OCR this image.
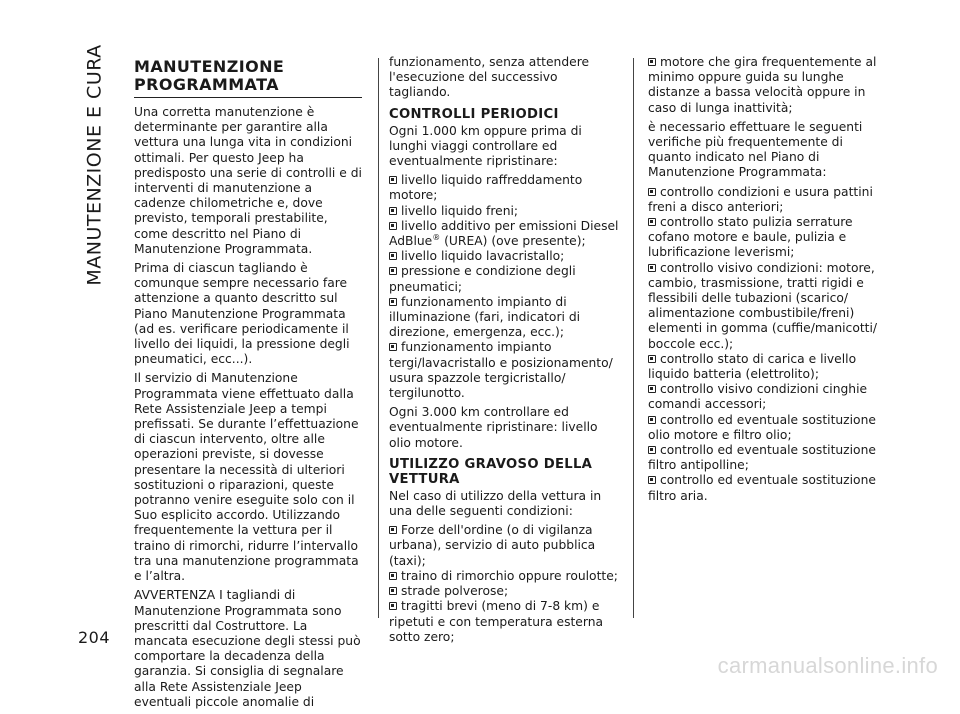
MANUTENZIONE E CURA
204
MANUTENZIONE PROGRAMMATA

Una corretta manutenzione è determinante per garantire alla vettura una lunga vita in condizioni ottimali. Per questo Jeep ha predisposto una serie di controlli e di interventi di manutenzione a cadenze chilometriche e, dove previsto, temporali prestabilite, come descritto nel Piano di Manutenzione Programmata.

Prima di ciascun tagliando è comunque sempre necessario fare attenzione a quanto descritto sul Piano Manutenzione Programmata (ad es. verificare periodicamente il livello dei liquidi, la pressione degli pneumatici, ecc...).

Il servizio di Manutenzione Programmata viene effettuato dalla Rete Assistenziale Jeep a tempi prefissati. Se durante l’effettuazione di ciascun intervento, oltre alle operazioni previste, si dovesse presentare la necessità di ulteriori sostituzioni o riparazioni, queste potranno venire eseguite solo con il Suo esplicito accordo. Utilizzando frequentemente la vettura per il traino di rimorchi, ridurre l’intervallo tra una manutenzione programmata e l’altra.

AVVERTENZA I tagliandi di Manutenzione Programmata sono prescritti dal Costruttore. La mancata esecuzione degli stessi può comportare la decadenza della garanzia. Si consiglia di segnalare alla Rete Assistenziale Jeep eventuali piccole anomalie di

funzionamento, senza attendere l'esecuzione del successivo tagliando.

CONTROLLI PERIODICI

Ogni 1.000 km oppure prima di lunghi viaggi controllare ed eventualmente ripristinare:

livello liquido raffreddamento motore;
livello liquido freni;
livello additivo per emissioni Diesel AdBlue® (UREA) (ove presente);
livello liquido lavacristallo;
pressione e condizione degli pneumatici;
funzionamento impianto di illuminazione (fari, indicatori di direzione, emergenza, ecc.);
funzionamento impianto tergi/lavacristallo e posizionamento/ usura spazzole tergicristallo/ tergilunotto.

Ogni 3.000 km controllare ed eventualmente ripristinare: livello olio motore.

UTILIZZO GRAVOSO DELLA VETTURA

Nel caso di utilizzo della vettura in una delle seguenti condizioni:

Forze dell'ordine (o di vigilanza urbana), servizio di auto pubblica (taxi);
traino di rimorchio oppure roulotte;
strade polverose;
tragitti brevi (meno di 7-8 km) e ripetuti e con temperatura esterna sotto zero;
motore che gira frequentemente al minimo oppure guida su lunghe distanze a bassa velocità oppure in caso di lunga inattività;

è necessario effettuare le seguenti verifiche più frequentemente di quanto indicato nel Piano di Manutenzione Programmata:

controllo condizioni e usura pattini freni a disco anteriori;
controllo stato pulizia serrature cofano motore e baule, pulizia e lubrificazione leverismi;
controllo visivo condizioni: motore, cambio, trasmissione, tratti rigidi e flessibili delle tubazioni (scarico/ alimentazione combustibile/freni) elementi in gomma (cuffie/manicotti/ boccole ecc.);
controllo stato di carica e livello liquido batteria (elettrolito);
controllo visivo condizioni cinghie comandi accessori;
controllo ed eventuale sostituzione olio motore e filtro olio;
controllo ed eventuale sostituzione filtro antipolline;
controllo ed eventuale sostituzione filtro aria.
carmanualsonline.info
